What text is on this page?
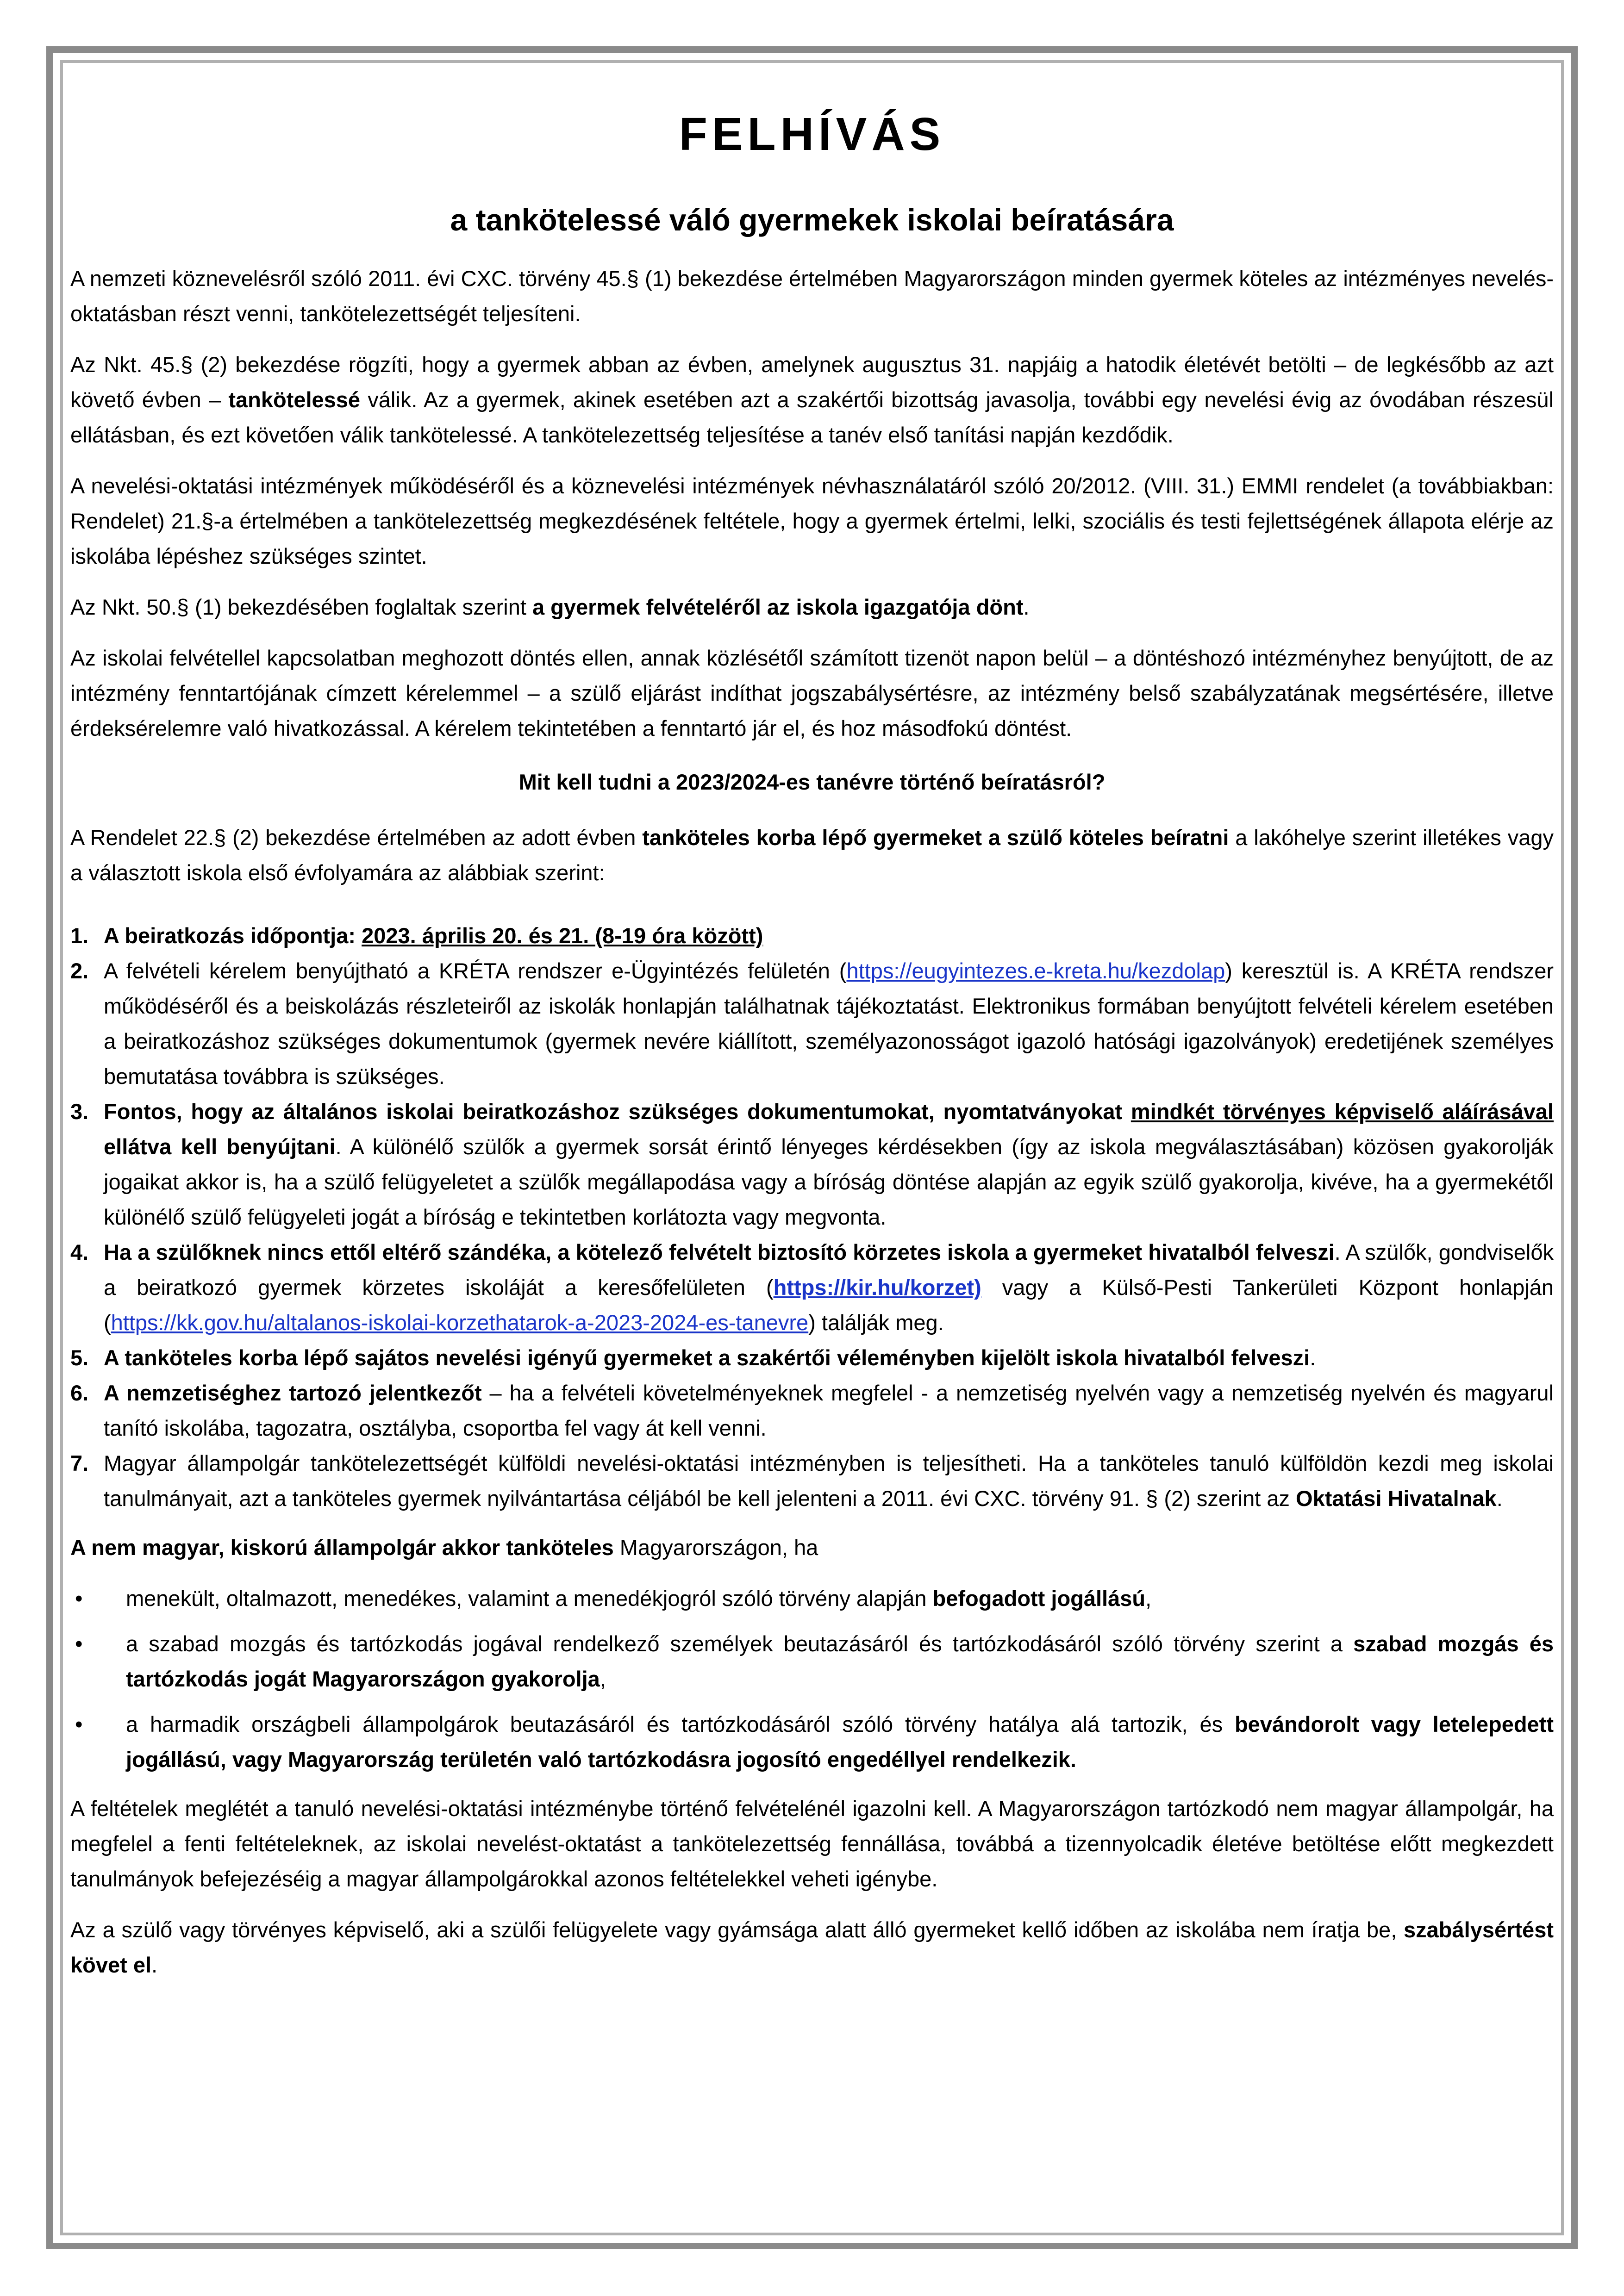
FELHÍVÁS
a tankötelessé váló gyermekek iskolai beíratására

A nemzeti köznevelésről szóló 2011. évi CXC. törvény 45.§ (1) bekezdése értelmében Magyarországon minden gyermek köteles az intézményes nevelés-oktatásban részt venni, tankötelezettségét teljesíteni.

Az Nkt. 45.§ (2) bekezdése rögzíti, hogy a gyermek abban az évben, amelynek augusztus 31. napjáig a hatodik életévét betölti – de legkésőbb az azt követő évben – tankötelessé válik. Az a gyermek, akinek esetében azt a szakértői bizottság javasolja, további egy nevelési évig az óvodában részesül ellátásban, és ezt követően válik tankötelessé. A tankötelezettség teljesítése a tanév első tanítási napján kezdődik.

A nevelési-oktatási intézmények működéséről és a köznevelési intézmények névhasználatáról szóló 20/2012. (VIII. 31.) EMMI rendelet (a továbbiakban: Rendelet) 21.§-a értelmében a tankötelezettség megkezdésének feltétele, hogy a gyermek értelmi, lelki, szociális és testi fejlettségének állapota elérje az iskolába lépéshez szükséges szintet.

Az Nkt. 50.§ (1) bekezdésében foglaltak szerint a gyermek felvételéről az iskola igazgatója dönt.

Az iskolai felvétellel kapcsolatban meghozott döntés ellen, annak közlésétől számított tizenöt napon belül – a döntéshozó intézményhez benyújtott, de az intézmény fenntartójának címzett kérelemmel – a szülő eljárást indíthat jogszabálysértésre, az intézmény belső szabályzatának megsértésére, illetve érdeksérelemre való hivatkozással. A kérelem tekintetében a fenntartó jár el, és hoz másodfokú döntést.

Mit kell tudni a 2023/2024-es tanévre történő beíratásról?

A Rendelet 22.§ (2) bekezdése értelmében az adott évben tanköteles korba lépő gyermeket a szülő köteles beíratni a lakóhelye szerint illetékes vagy a választott iskola első évfolyamára az alábbiak szerint:

1. A beiratkozás időpontja: 2023. április 20. és 21. (8-19 óra között)
2. A felvételi kérelem benyújtható a KRÉTA rendszer e-Ügyintézés felületén (https://eugyintezes.e-kreta.hu/kezdolap) keresztül is. A KRÉTA rendszer működéséről és a beiskolázás részleteiről az iskolák honlapján találhatnak tájékoztatást. Elektronikus formában benyújtott felvételi kérelem esetében a beiratkozáshoz szükséges dokumentumok (gyermek nevére kiállított, személyazonosságot igazoló hatósági igazolványok) eredetijének személyes bemutatása továbbra is szükséges.
3. Fontos, hogy az általános iskolai beiratkozáshoz szükséges dokumentumokat, nyomtatványokat mindkét törvényes képviselő aláírásával ellátva kell benyújtani. A különélő szülők a gyermek sorsát érintő lényeges kérdésekben (így az iskola megválasztásában) közösen gyakorolják jogaikat akkor is, ha a szülő felügyeletet a szülők megállapodása vagy a bíróság döntése alapján az egyik szülő gyakorolja, kivéve, ha a gyermekétől különélő szülő felügyeleti jogát a bíróság e tekintetben korlátozta vagy megvonta.
4. Ha a szülőknek nincs ettől eltérő szándéka, a kötelező felvételt biztosító körzetes iskola a gyermeket hivatalból felveszi. A szülők, gondviselők a beiratkozó gyermek körzetes iskoláját a keresőfelületen (https://kir.hu/korzet) vagy a Külső-Pesti Tankerületi Központ honlapján (https://kk.gov.hu/altalanos-iskolai-korzethatarok-a-2023-2024-es-tanevre) találják meg.
5. A tanköteles korba lépő sajátos nevelési igényű gyermeket a szakértői véleményben kijelölt iskola hivatalból felveszi.
6. A nemzetiséghez tartozó jelentkezőt – ha a felvételi követelményeknek megfelel - a nemzetiség nyelvén vagy a nemzetiség nyelvén és magyarul tanító iskolába, tagozatra, osztályba, csoportba fel vagy át kell venni.
7. Magyar állampolgár tankötelezettségét külföldi nevelési-oktatási intézményben is teljesítheti. Ha a tanköteles tanuló külföldön kezdi meg iskolai tanulmányait, azt a tanköteles gyermek nyilvántartása céljából be kell jelenteni a 2011. évi CXC. törvény 91. § (2) szerint az Oktatási Hivatalnak.

A nem magyar, kiskorú állampolgár akkor tanköteles Magyarországon, ha

• menekült, oltalmazott, menedékes, valamint a menedékjogról szóló törvény alapján befogadott jogállású,
• a szabad mozgás és tartózkodás jogával rendelkező személyek beutazásáról és tartózkodásáról szóló törvény szerint a szabad mozgás és tartózkodás jogát Magyarországon gyakorolja,
• a harmadik országbeli állampolgárok beutazásáról és tartózkodásáról szóló törvény hatálya alá tartozik, és bevándorolt vagy letelepedett jogállású, vagy Magyarország területén való tartózkodásra jogosító engedéllyel rendelkezik.

A feltételek meglétét a tanuló nevelési-oktatási intézménybe történő felvételénél igazolni kell. A Magyarországon tartózkodó nem magyar állampolgár, ha megfelel a fenti feltételeknek, az iskolai nevelést-oktatást a tankötelezettség fennállása, továbbá a tizennyolcadik életéve betöltése előtt megkezdett tanulmányok befejezéséig a magyar állampolgárokkal azonos feltételekkel veheti igénybe.

Az a szülő vagy törvényes képviselő, aki a szülői felügyelete vagy gyámsága alatt álló gyermeket kellő időben az iskolába nem íratja be, szabálysértést követ el.
